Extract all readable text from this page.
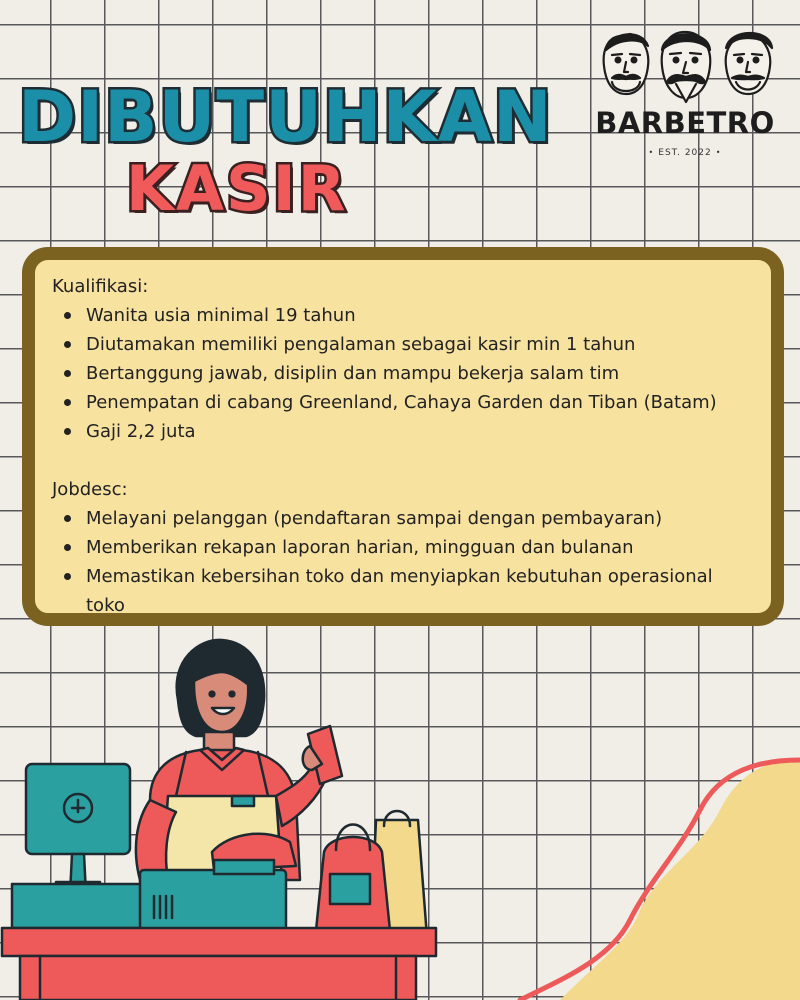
DIBUTUHKAN
KASIR
BARBETRO
• EST. 2022 •

Kualifikasi:

Wanita usia minimal 19 tahun
Diutamakan memiliki pengalaman sebagai kasir min 1 tahun
Bertanggung jawab, disiplin dan mampu bekerja salam tim
Penempatan di cabang Greenland, Cahaya Garden dan Tiban (Batam)
Gaji 2,2 juta

Jobdesc:

Melayani pelanggan (pendaftaran sampai dengan pembayaran)
Memberikan rekapan laporan harian, mingguan dan bulanan
Memastikan kebersihan toko dan menyiapkan kebutuhan operasional toko
